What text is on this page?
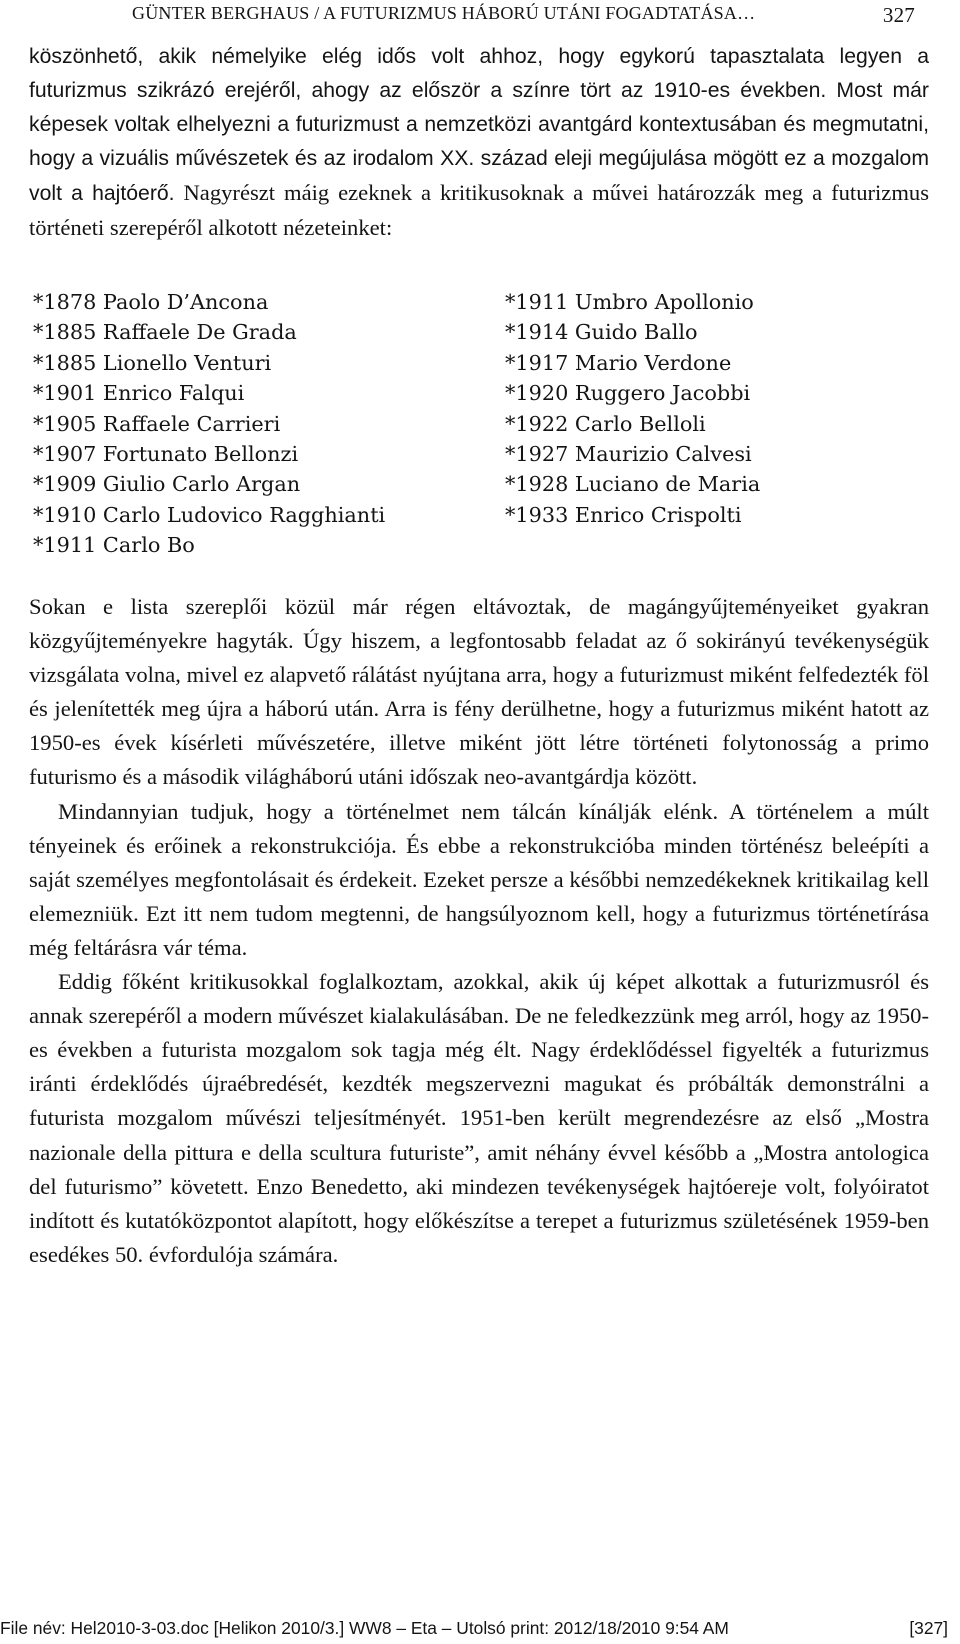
GÜNTER BERGHAUS / A FUTURIZMUS HÁBORÚ UTÁNI FOGADTATÁSA…	327
köszönhető, akik némelyike elég idős volt ahhoz, hogy egykorú tapasztalata legyen a futurizmus szikrázó erejéről, ahogy az először a színre tört az 1910-es években. Most már képesek voltak elhelyezni a futurizmust a nemzetközi avantgárd kontextusában és megmutatni, hogy a vizuális művészetek és az irodalom XX. század eleji megújulása mögött ez a mozgalom volt a hajtóerő. Nagyrészt máig ezeknek a kritikusoknak a művei határozzák meg a futurizmus történeti szerepéről alkotott nézeteinket:
*1878 Paolo D’Ancona
*1885 Raffaele De Grada
*1885 Lionello Venturi
*1901 Enrico Falqui
*1905 Raffaele Carrieri
*1907 Fortunato Bellonzi
*1909 Giulio Carlo Argan
*1910 Carlo Ludovico Ragghianti
*1911 Carlo Bo
*1911 Umbro Apollonio
*1914 Guido Ballo
*1917 Mario Verdone
*1920 Ruggero Jacobbi
*1922 Carlo Belloli
*1927 Maurizio Calvesi
*1928 Luciano de Maria
*1933 Enrico Crispolti

Sokan e lista szereplői közül már régen eltávoztak, de magángyűjteményeiket gyakran közgyűjteményekre hagyták. Úgy hiszem, a legfontosabb feladat az ő sokirányú tevékenységük vizsgálata volna, mivel ez alapvető rálátást nyújtana arra, hogy a futurizmust miként felfedezték föl és jelenítették meg újra a háború után. Arra is fény derülhetne, hogy a futurizmus miként hatott az 1950-es évek kísérleti művészetére, illetve miként jött létre történeti folytonosság a primo futurismo és a második világháború utáni időszak neo-avantgárdja között.

Mindannyian tudjuk, hogy a történelmet nem tálcán kínálják elénk. A történelem a múlt tényeinek és erőinek a rekonstrukciója. És ebbe a rekonstrukcióba minden történész beleépíti a saját személyes megfontolásait és érdekeit. Ezeket persze a későbbi nemzedékeknek kritikailag kell elemezniük. Ezt itt nem tudom megtenni, de hangsúlyoznom kell, hogy a futurizmus történetírása még feltárásra vár téma.

Eddig főként kritikusokkal foglalkoztam, azokkal, akik új képet alkottak a futurizmusról és annak szerepéről a modern művészet kialakulásában. De ne feledkezzünk meg arról, hogy az 1950-es években a futurista mozgalom sok tagja még élt. Nagy érdeklődéssel figyelték a futurizmus iránti érdeklődés újraébredését, kezdték megszervezni magukat és próbálták demonstrálni a futurista mozgalom művészi teljesítményét. 1951-ben került megrendezésre az első „Mostra nazionale della pittura e della scultura futuriste”, amit néhány évvel később a „Mostra antologica del futurismo” követett. Enzo Benedetto, aki mindezen tevékenységek hajtóereje volt, folyóiratot indított és kutatóközpontot alapított, hogy előkészítse a terepet a futurizmus születésének 1959-ben esedékes 50. évfordulója számára.

File név: Hel2010-3-03.doc [Helikon 2010/3.] WW8 – Eta – Utolsó print: 2012/18/2010 9:54 AM	[327]
